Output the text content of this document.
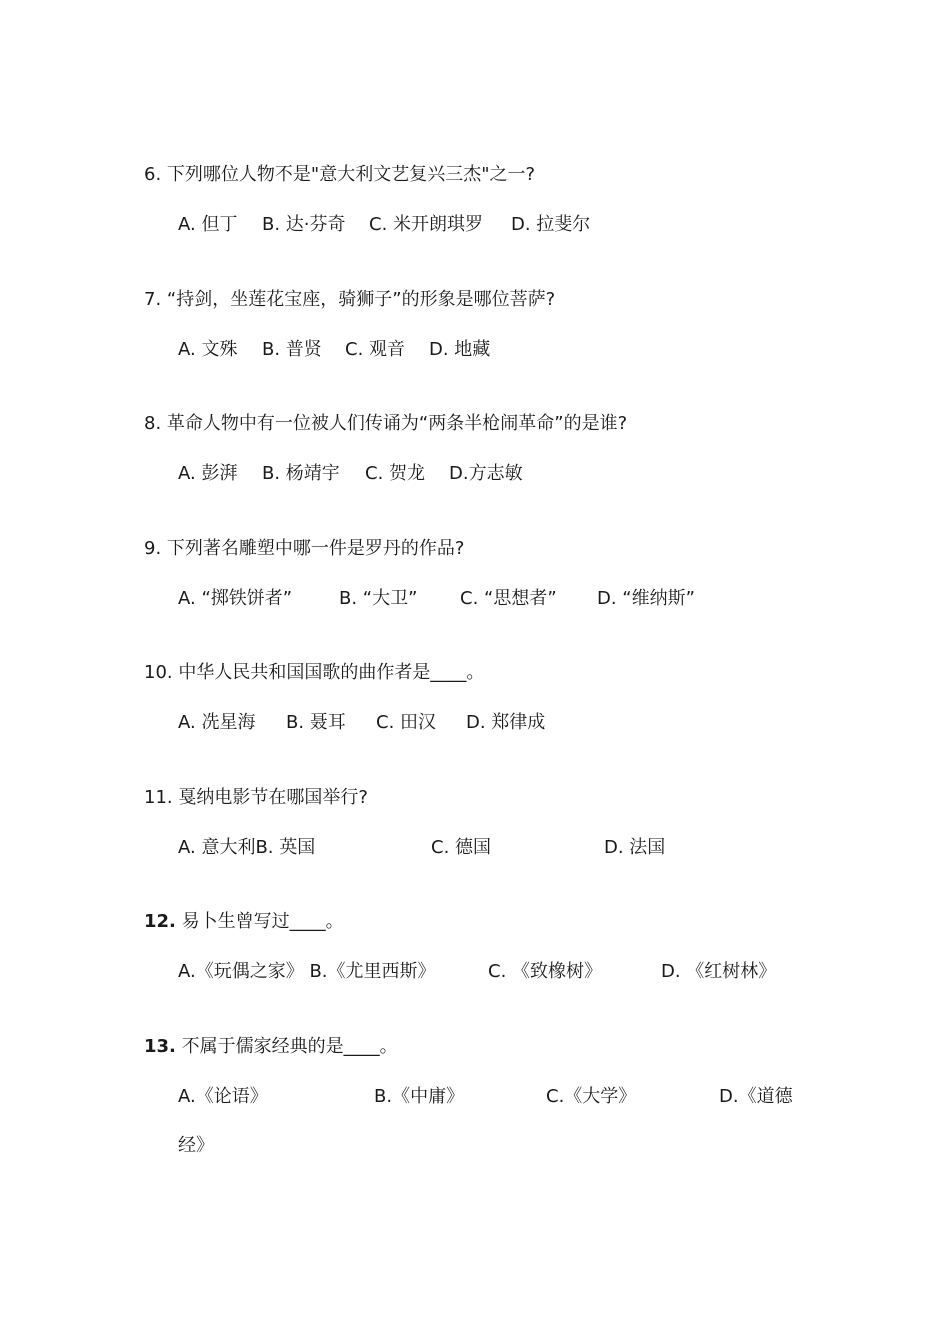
6. 下列哪位人物不是"意大利文艺复兴三杰"之一?
A. 但丁 B. 达·芬奇 C. 米开朗琪罗 D. 拉斐尔
7. “持剑，坐莲花宝座，骑狮子”的形象是哪位菩萨?
A. 文殊 B. 普贤 C. 观音 D. 地藏
8. 革命人物中有一位被人们传诵为“两条半枪闹革命”的是谁?
A. 彭湃 B. 杨靖宇 C. 贺龙 D.方志敏
9. 下列著名雕塑中哪一件是罗丹的作品?
A. “掷铁饼者”	B. “大卫” C. “思想者” D. “维纳斯”
10. 中华人民共和国国歌的曲作者是____。
A. 冼星海 B. 聂耳 C. 田汉 D. 郑律成
11. 戛纳电影节在哪国举行?
A. 意大利B. 英国	C. 德国	D. 法国
12. 易卜生曾写过____。
A.《玩偶之家》 B.《尤里西斯》	C. 《致橡树》	D. 《红树林》
13. 不属于儒家经典的是____。
A.《论语》	B.《中庸》	C.《大学》	D.《道德
经》
